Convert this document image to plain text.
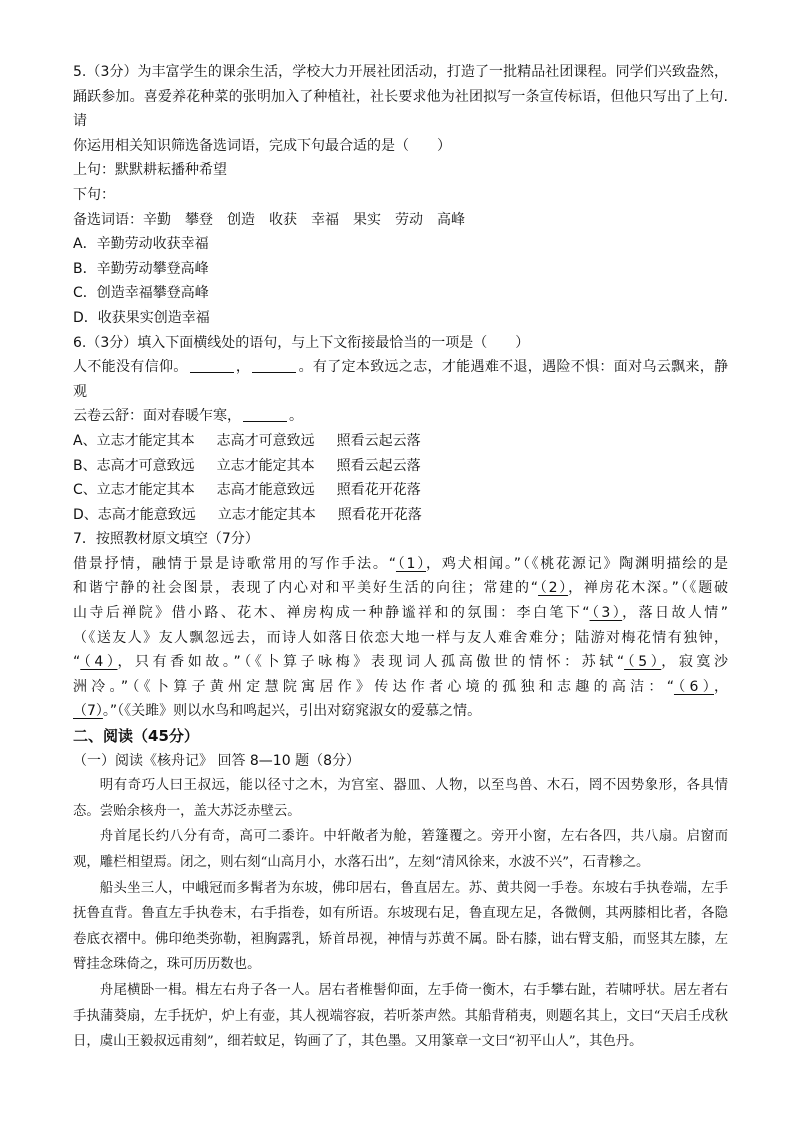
5.（3分）为丰富学生的课余生活，学校大力开展社团活动，打造了一批精品社团课程。同学们兴致盎然，
踊跃参加。喜爱养花种菜的张明加入了种植社，社长要求他为社团拟写一条宣传标语，但他只写出了上句.请
你运用相关知识筛选备选词语，完成下句最合适的是（　　）
上句：默默耕耘播种希望
下句：
备选词语：辛勤　攀登　创造　收获　幸福　果实　劳动　高峰
A．辛勤劳动收获幸福
B．辛勤劳动攀登高峰
C．创造幸福攀登高峰
D．收获果实创造幸福
6.（3分）填入下面横线处的语句，与上下文衔接最恰当的一项是（　　）
人不能没有信仰。	，	。有了定本致远之志，才能遇难不退，遇险不惧：面对乌云飘来，静观
云卷云舒：面对春暖乍寒，	。
A、立志才能定其本 志高才可意致远 照看云起云落
B、志高才可意致远 立志才能定其本 照看云起云落
C、立志才能定其本 志高才能意致远 照看花开花落
D、志高才能意致远 立志才能定其本 照看花开花落
7．按照教材原文填空（7分）
借景抒情，融情于景是诗歌常用的写作手法。“（1），鸡犬相闻。”（《桃花源记》陶渊明描绘的是
和谐宁静的社会图景，表现了内心对和平美好生活的向往；常建的“（2），禅房花木深。”（《题破
山寺后禅院》借小路、花木、禅房构成一种静谧祥和的氛围：李白笔下“（3），落日故人情”
（《送友人》友人飘忽远去，而诗人如落日依恋大地一样与友人难舍难分；陆游对梅花情有独钟，
“（4），只有香如故。”（《卜算子咏梅》表现词人孤高傲世的情怀：苏轼“（5），寂寞沙
洲冷。”（《卜算子黄州定慧院寓居作》传达作者心境的孤独和志趣的高洁：“（6），
（7）。”（《关雎》则以水鸟和鸣起兴，引出对窈窕淑女的爱慕之情。
二、阅读（45分）
（一）阅读《核舟记》 回答 8—10 题（8分）

明有奇巧人曰王叔远，能以径寸之木，为宫室、器皿、人物，以至鸟兽、木石，罔不因势象形，各具情态。尝贻余核舟一，盖大苏泛赤壁云。

舟首尾长约八分有奇，高可二黍许。中轩敞者为舱，箬篷覆之。旁开小窗，左右各四，共八扇。启窗而观，雕栏相望焉。闭之，则右刻“山高月小，水落石出”，左刻“清风徐来，水波不兴”，石青糁之。

船头坐三人，中峨冠而多髯者为东坡，佛印居右，鲁直居左。苏、黄共阅一手卷。东坡右手执卷端，左手抚鲁直背。鲁直左手执卷末，右手指卷，如有所语。东坡现右足，鲁直现左足，各微侧，其两膝相比者，各隐卷底衣褶中。佛印绝类弥勒，袒胸露乳，矫首昂视，神情与苏黄不属。卧右膝，诎右臂支船，而竖其左膝，左臂挂念珠倚之，珠可历历数也。

舟尾横卧一楫。楫左右舟子各一人。居右者椎髻仰面，左手倚一衡木，右手攀右趾，若啸呼状。居左者右手执蒲葵扇，左手抚炉，炉上有壶，其人视端容寂，若听茶声然。其船背稍夷，则题名其上，文曰“天启壬戌秋日，虞山王毅叔远甫刻”，细若蚊足，钩画了了，其色墨。又用篆章一文曰“初平山人”，其色丹。
